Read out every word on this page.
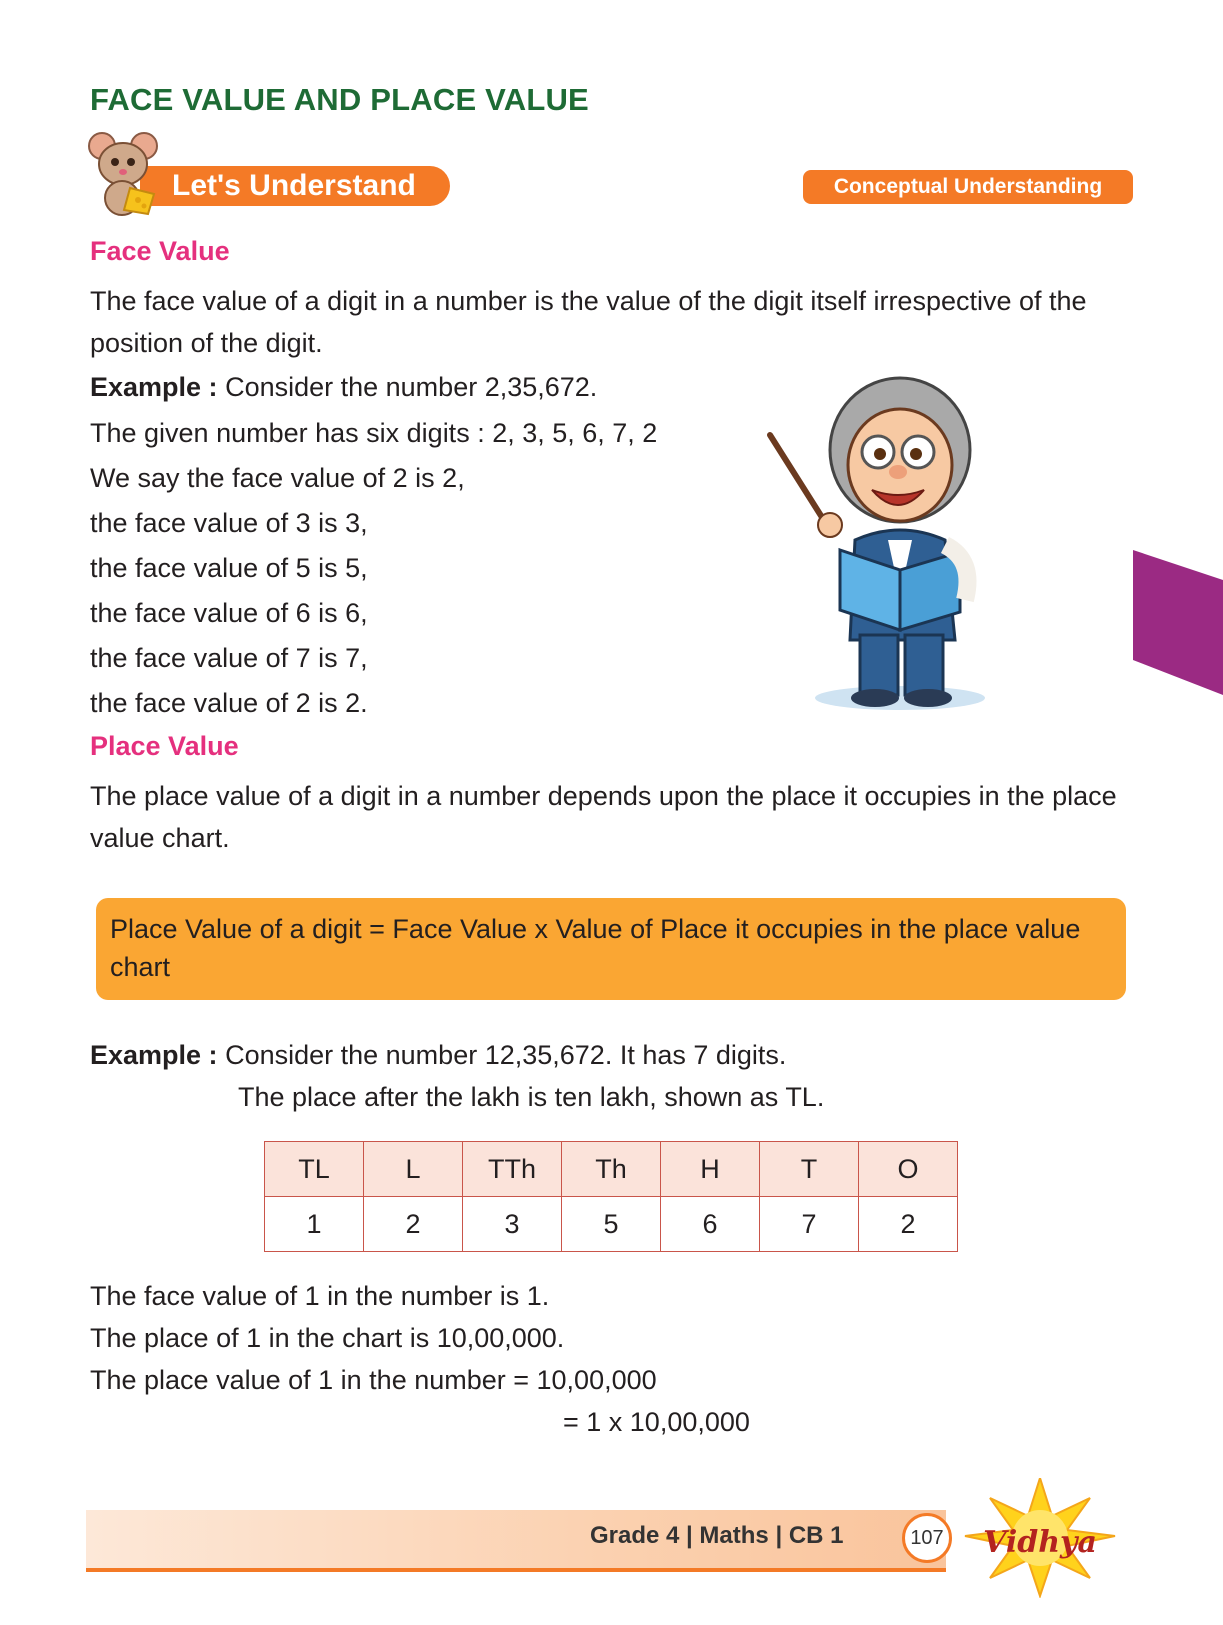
FACE VALUE AND PLACE VALUE
Let's Understand	Conceptual Understanding
Face Value
The face value of a digit in a number is the value of the digit itself irrespective of the position of the digit.
Example : Consider the number 2,35,672.
The given number has six digits : 2, 3, 5, 6, 7, 2
We say the face value of 2 is 2,
the face value of 3 is 3,
the face value of 5 is 5,
the face value of 6 is 6,
the face value of 7 is 7,
the face value of 2 is 2.
Place Value
The place value of a digit in a number depends upon the place it occupies in the place value chart.
Place Value of a digit = Face Value x Value of Place it occupies in the place value chart
Example : Consider the number 12,35,672. It has 7 digits.
The place after the lakh is ten lakh, shown as TL.
TL	L	TTh	Th	H	T	O
1	2	3	5	6	7	2
The face value of 1 in the number is 1.
The place of 1 in the chart is 10,00,000.
The place value of 1 in the number = 10,00,000
= 1 x 10,00,000
Grade 4 | Maths | CB 1	107 Vidhya
